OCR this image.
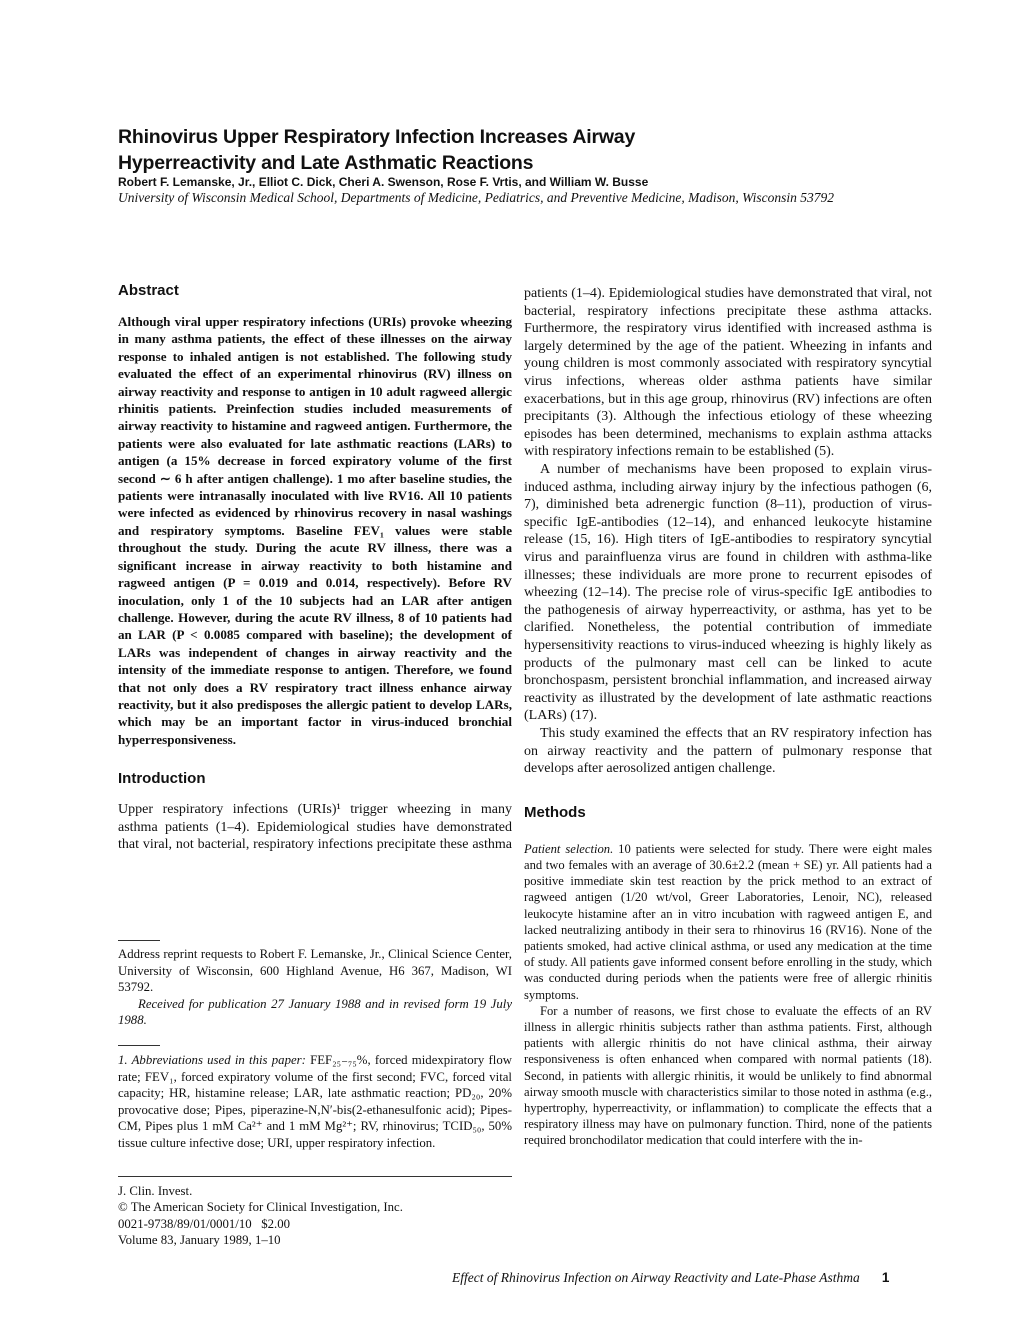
Rhinovirus Upper Respiratory Infection Increases Airway Hyperreactivity and Late Asthmatic Reactions
Robert F. Lemanske, Jr., Elliot C. Dick, Cheri A. Swenson, Rose F. Vrtis, and William W. Busse
University of Wisconsin Medical School, Departments of Medicine, Pediatrics, and Preventive Medicine, Madison, Wisconsin 53792
Abstract

Although viral upper respiratory infections (URIs) provoke wheezing in many asthma patients, the effect of these illnesses on the airway response to inhaled antigen is not established. The following study evaluated the effect of an experimental rhinovirus (RV) illness on airway reactivity and response to antigen in 10 adult ragweed allergic rhinitis patients. Preinfection studies included measurements of airway reactivity to histamine and ragweed antigen. Furthermore, the patients were also evaluated for late asthmatic reactions (LARs) to antigen (a 15% decrease in forced expiratory volume of the first second ∼ 6 h after antigen challenge). 1 mo after baseline studies, the patients were intranasally inoculated with live RV16. All 10 patients were infected as evidenced by rhinovirus recovery in nasal washings and respiratory symptoms. Baseline FEV₁ values were stable throughout the study. During the acute RV illness, there was a significant increase in airway reactivity to both histamine and ragweed antigen (P = 0.019 and 0.014, respectively). Before RV inoculation, only 1 of the 10 subjects had an LAR after antigen challenge. However, during the acute RV illness, 8 of 10 patients had an LAR (P < 0.0085 compared with baseline); the development of LARs was independent of changes in airway reactivity and the intensity of the immediate response to antigen. Therefore, we found that not only does a RV respiratory tract illness enhance airway reactivity, but it also predisposes the allergic patient to develop LARs, which may be an important factor in virus-induced bronchial hyperresponsiveness.

Introduction

Upper respiratory infections (URIs)¹ trigger wheezing in many asthma patients (1–4). Epidemiological studies have demonstrated that viral, not bacterial, respiratory infections precipitate these asthma

Address reprint requests to Robert F. Lemanske, Jr., Clinical Science Center, University of Wisconsin, 600 Highland Avenue, H6 367, Madison, WI 53792.
Received for publication 27 January 1988 and in revised form 19 July 1988.
1. Abbreviations used in this paper: FEF₂₅₋₇₅%, forced midexpiratory flow rate; FEV₁, forced expiratory volume of the first second; FVC, forced vital capacity; HR, histamine release; LAR, late asthmatic reaction; PD₂₀, 20% provocative dose; Pipes, piperazine-N,N′-bis(2-ethanesulfonic acid); Pipes-CM, Pipes plus 1 mM Ca²⁺ and 1 mM Mg²⁺; RV, rhinovirus; TCID₅₀, 50% tissue culture infective dose; URI, upper respiratory infection.
J. Clin. Invest.
© The American Society for Clinical Investigation, Inc.
0021-9738/89/01/0001/10   $2.00
Volume 83, January 1989, 1–10

patients (1–4). Epidemiological studies have demonstrated that viral, not bacterial, respiratory infections precipitate these asthma attacks. Furthermore, the respiratory virus identified with increased asthma is largely determined by the age of the patient. Wheezing in infants and young children is most commonly associated with respiratory syncytial virus infections, whereas older asthma patients have similar exacerbations, but in this age group, rhinovirus (RV) infections are often precipitants (3). Although the infectious etiology of these wheezing episodes has been determined, mechanisms to explain asthma attacks with respiratory infections remain to be established (5).

A number of mechanisms have been proposed to explain virus-induced asthma, including airway injury by the infectious pathogen (6, 7), diminished beta adrenergic function (8–11), production of virus-specific IgE-antibodies (12–14), and enhanced leukocyte histamine release (15, 16). High titers of IgE-antibodies to respiratory syncytial virus and parainfluenza virus are found in children with asthma-like illnesses; these individuals are more prone to recurrent episodes of wheezing (12–14). The precise role of virus-specific IgE antibodies to the pathogenesis of airway hyperreactivity, or asthma, has yet to be clarified. Nonetheless, the potential contribution of immediate hypersensitivity reactions to virus-induced wheezing is highly likely as products of the pulmonary mast cell can be linked to acute bronchospasm, persistent bronchial inflammation, and increased airway reactivity as illustrated by the development of late asthmatic reactions (LARs) (17).

This study examined the effects that an RV respiratory infection has on airway reactivity and the pattern of pulmonary response that develops after aerosolized antigen challenge.

Methods

Patient selection. 10 patients were selected for study. There were eight males and two females with an average of 30.6±2.2 (mean + SE) yr. All patients had a positive immediate skin test reaction by the prick method to an extract of ragweed antigen (1/20 wt/vol, Greer Laboratories, Lenoir, NC), released leukocyte histamine after an in vitro incubation with ragweed antigen E, and lacked neutralizing antibody in their sera to rhinovirus 16 (RV16). None of the patients smoked, had active clinical asthma, or used any medication at the time of study. All patients gave informed consent before enrolling in the study, which was conducted during periods when the patients were free of allergic rhinitis symptoms.

For a number of reasons, we first chose to evaluate the effects of an RV illness in allergic rhinitis subjects rather than asthma patients. First, although patients with allergic rhinitis do not have clinical asthma, their airway responsiveness is often enhanced when compared with normal patients (18). Second, in patients with allergic rhinitis, it would be unlikely to find abnormal airway smooth muscle with characteristics similar to those noted in asthma (e.g., hypertrophy, hyperreactivity, or inflammation) to complicate the effects that a respiratory illness may have on pulmonary function. Third, none of the patients required bronchodilator medication that could interfere with the in-

Effect of Rhinovirus Infection on Airway Reactivity and Late-Phase Asthma 1
